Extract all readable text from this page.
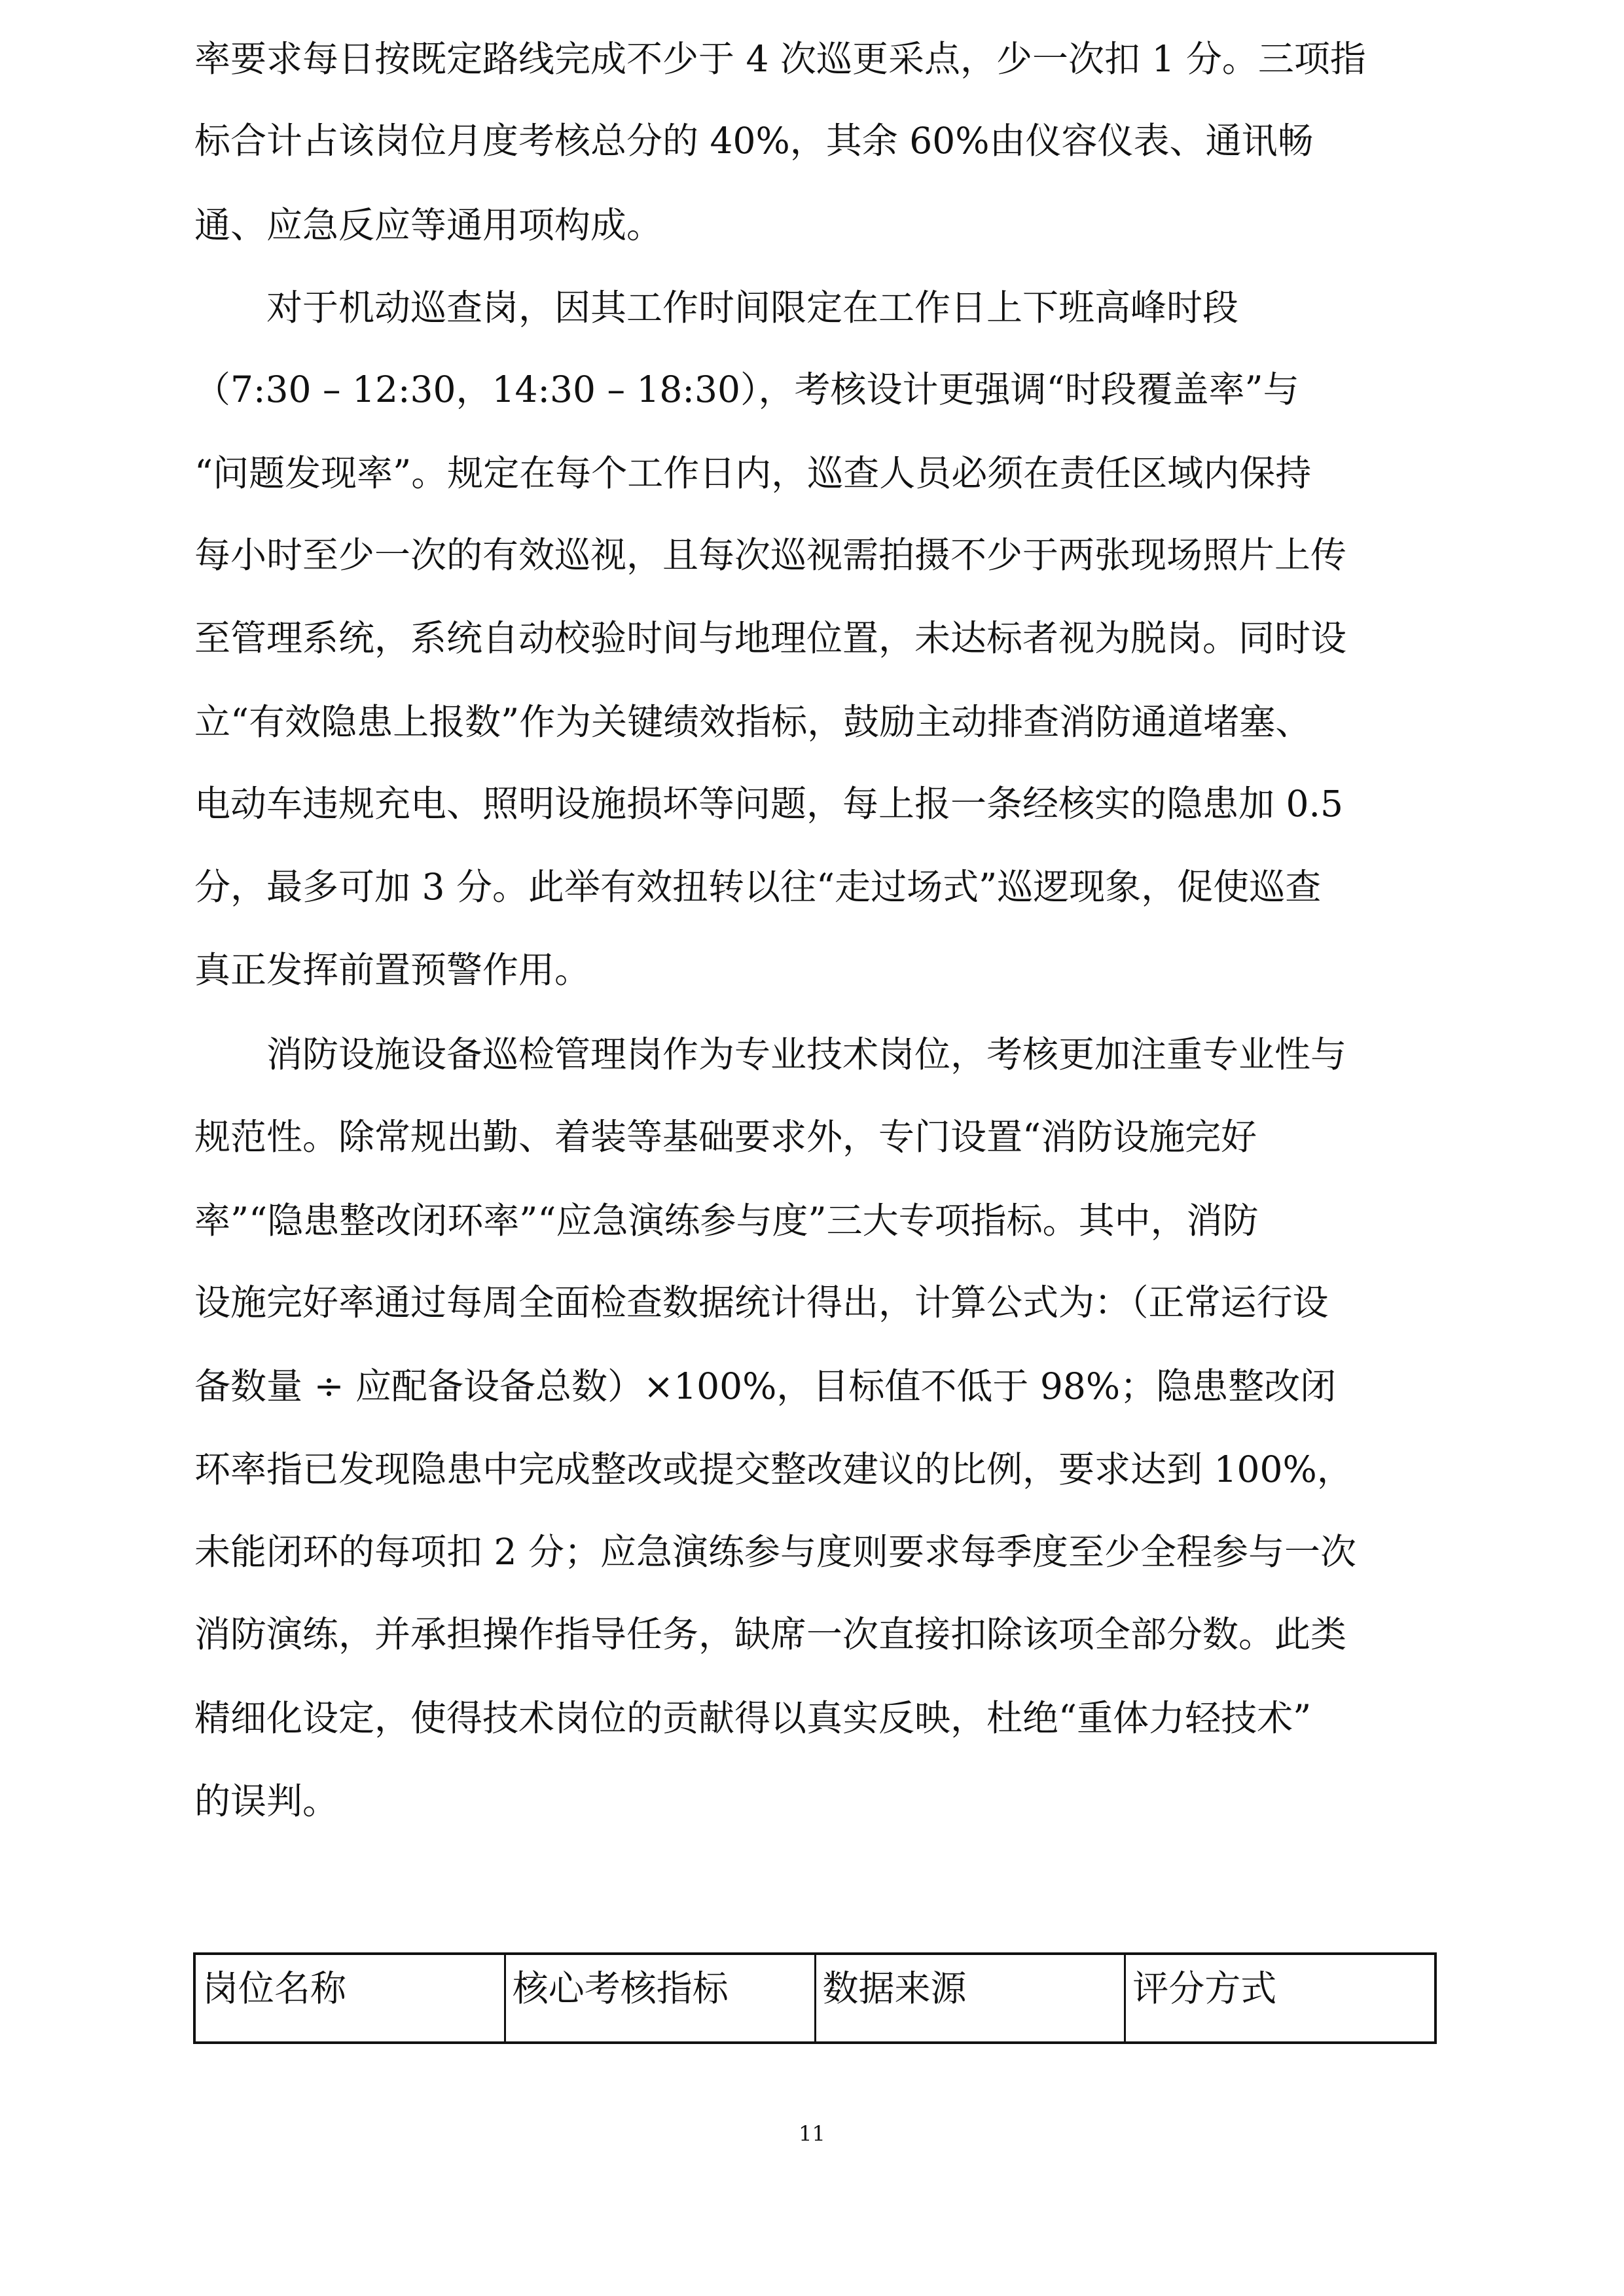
率要求每日按既定路线完成不少于 4 次巡更采点，少一次扣 1 分。三项指
标合计占该岗位月度考核总分的 40%，其余 60%由仪容仪表、通讯畅
通、应急反应等通用项构成。
　　对于机动巡查岗，因其工作时间限定在工作日上下班高峰时段
（7:30 – 12:30，14:30 – 18:30），考核设计更强调“时段覆盖率”与
“问题发现率”。规定在每个工作日内，巡查人员必须在责任区域内保持
每小时至少一次的有效巡视，且每次巡视需拍摄不少于两张现场照片上传
至管理系统，系统自动校验时间与地理位置，未达标者视为脱岗。同时设
立“有效隐患上报数”作为关键绩效指标，鼓励主动排查消防通道堵塞、
电动车违规充电、照明设施损坏等问题，每上报一条经核实的隐患加 0.5
分，最多可加 3 分。此举有效扭转以往“走过场式”巡逻现象，促使巡查
真正发挥前置预警作用。
　　消防设施设备巡检管理岗作为专业技术岗位，考核更加注重专业性与
规范性。除常规出勤、着装等基础要求外，专门设置“消防设施完好
率”“隐患整改闭环率”“应急演练参与度”三大专项指标。其中，消防
设施完好率通过每周全面检查数据统计得出，计算公式为：（正常运行设
备数量 ÷ 应配备设备总数）×100%，目标值不低于 98%；隐患整改闭
环率指已发现隐患中完成整改或提交整改建议的比例，要求达到 100%，
未能闭环的每项扣 2 分；应急演练参与度则要求每季度至少全程参与一次
消防演练，并承担操作指导任务，缺席一次直接扣除该项全部分数。此类
精细化设定，使得技术岗位的贡献得以真实反映，杜绝“重体力轻技术”
的误判。
岗位名称	核心考核指标	数据来源	评分方式
11
